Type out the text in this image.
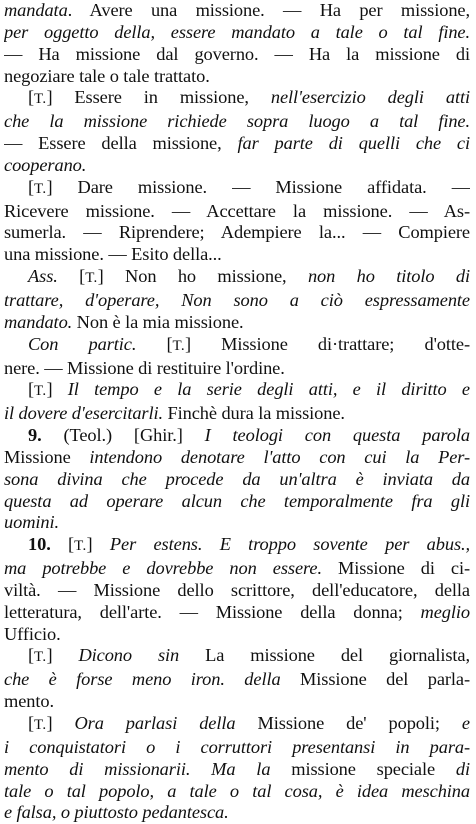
mandata. Avere una missione. — Ha per missione,
per oggetto della, essere mandato a tale o tal fine.
— Ha missione dal governo. — Ha la missione di
negoziare tale o tale trattato.
[T.] Essere in missione, nell'esercizio degli atti
che la missione richiede sopra luogo a tal fine.
— Essere della missione, far parte di quelli che ci
cooperano.
[T.] Dare missione. — Missione affidata. —
Ricevere missione. — Accettare la missione. — As-
sumerla. — Riprendere; Adempiere la... — Compiere
una missione. — Esito della...
Ass. [T.] Non ho missione, non ho titolo di
trattare, d'operare, Non sono a ciò espressamente
mandato. Non è la mia missione.
Con partic. [T.] Missione di·trattare; d'otte-
nere. — Missione di restituire l'ordine.
[T.] Il tempo e la serie degli atti, e il diritto e
il dovere d'esercitarli. Finchè dura la missione.
9. (Teol.) [Ghir.] I teologi con questa parola
Missione intendono denotare l'atto con cui la Per-
sona divina che procede da un'altra è inviata da
questa ad operare alcun che temporalmente fra gli
uomini.
10. [T.] Per estens. E troppo sovente per abus.,
ma potrebbe e dovrebbe non essere. Missione di ci-
viltà. — Missione dello scrittore, dell'educatore, della
letteratura, dell'arte. — Missione della donna; meglio
Ufficio.
[T.] Dicono sin La missione del giornalista,
che è forse meno iron. della Missione del parla-
mento.
[T.] Ora parlasi della Missione de' popoli; e
i conquistatori o i corruttori presentansi in para-
mento di missionarii. Ma la missione speciale di
tale o tal popolo, a tale o tal cosa, è idea meschina
e falsa, o piuttosto pedantesca.
